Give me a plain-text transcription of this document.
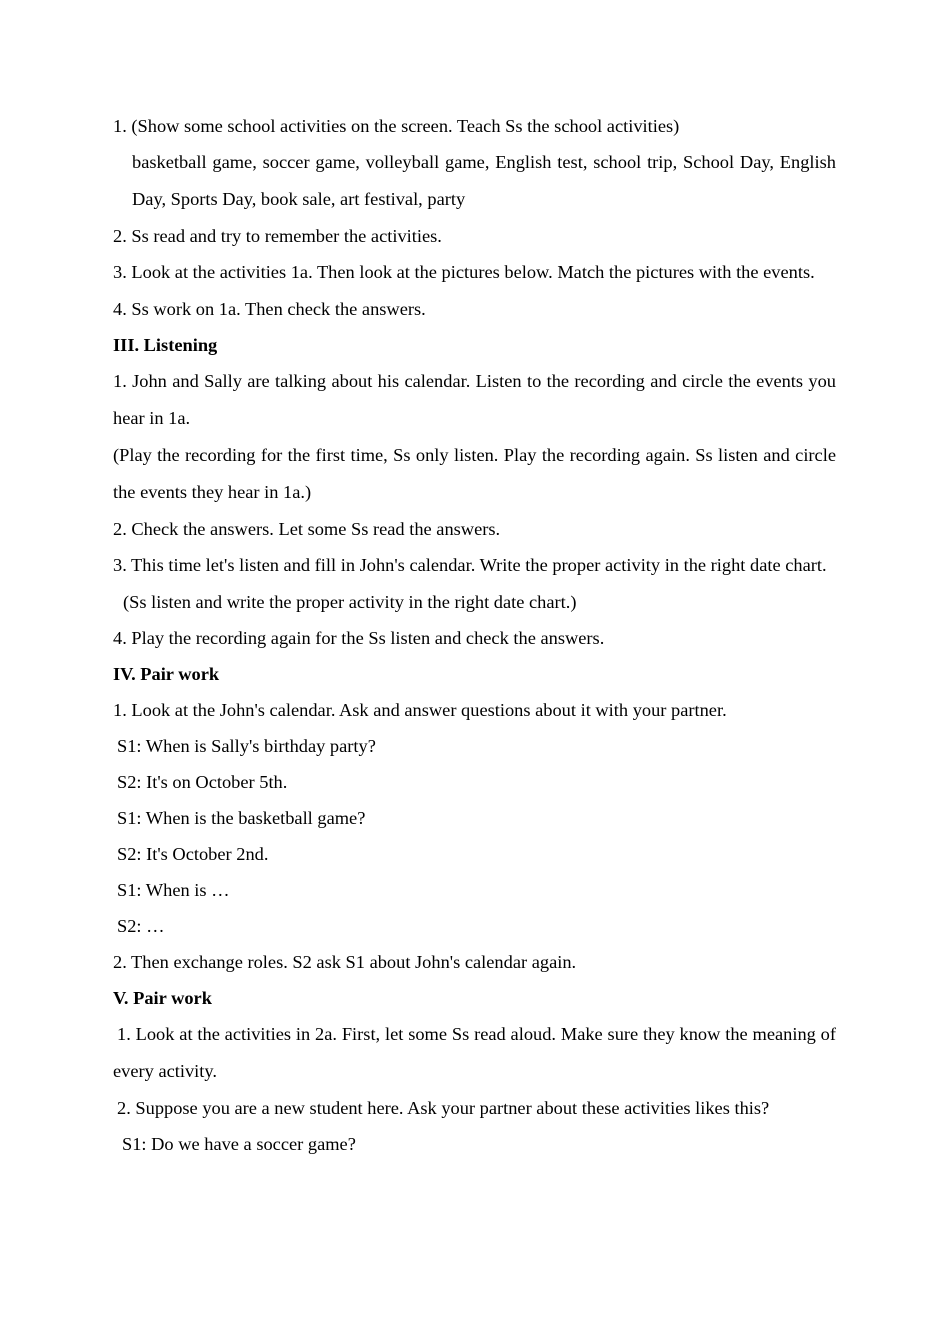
1. (Show some school activities on the screen. Teach Ss the school activities)
basketball game, soccer game, volleyball game, English test, school trip, School Day, English Day, Sports Day, book sale, art festival, party
2. Ss read and try to remember the activities.
3. Look at the activities 1a. Then look at the pictures below. Match the pictures with the events.
4. Ss work on 1a. Then check the answers.
III. Listening
1. John and Sally are talking about his calendar. Listen to the recording and circle the events you hear in 1a.
(Play the recording for the first time, Ss only listen. Play the recording again. Ss listen and circle the events they hear in 1a.)
2. Check the answers. Let some Ss read the answers.
3. This time let's listen and fill in John's calendar. Write the proper activity in the right date chart.
(Ss listen and write the proper activity in the right date chart.)
4. Play the recording again for the Ss listen and check the answers.
IV. Pair work
1. Look at the John's calendar. Ask and answer questions about it with your partner.
S1: When is Sally's birthday party?
S2: It's on October 5th.
S1: When is the basketball game?
S2: It's October 2nd.
S1: When is …
S2: …
2. Then exchange roles. S2 ask S1 about John's calendar again.
V. Pair work
1. Look at the activities in 2a. First, let some Ss read aloud. Make sure they know the meaning of every activity.
2. Suppose you are a new student here. Ask your partner about these activities likes this?
S1: Do we have a soccer game?
